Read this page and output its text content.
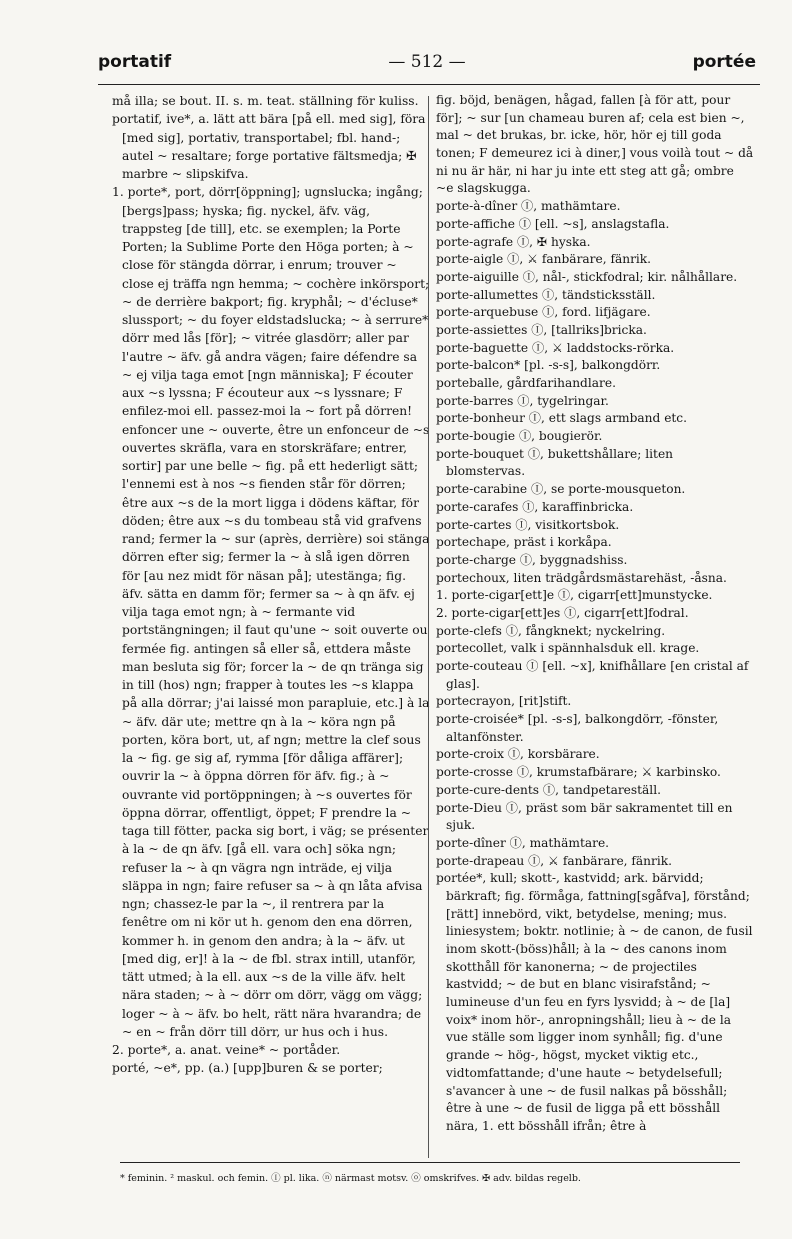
portatif	— 512 —	portée

må illa; se bout. II. s. m. teat. ställning för kuliss.

portatif, ive*, a. lätt att bära [på ell. med sig], föra [med sig], portativ, transportabel; fbl. hand-; autel ~ resaltare; forge portative fältsmedja; ✠ marbre ~ slipskifva.

1. porte*, port, dörr[öppning]; ugnslucka; ingång; [bergs]pass; hyska; fig. nyckel, äfv. väg, trappsteg [de till], etc. se exemplen; la Porte Porten; la Sublime Porte den Höga porten; à ~ close för stängda dörrar, i enrum; trouver ~ close ej träffa ngn hemma; ~ cochère inkörsport; ~ de derrière bakport; fig. kryphål; ~ d'écluse* slussport; ~ du foyer eldstadslucka; ~ à serrure* dörr med lås [för]; ~ vitrée glasdörr; aller par l'autre ~ äfv. gå andra vägen; faire défendre sa ~ ej vilja taga emot [ngn människa]; F écouter aux ~s lyssna; F écouteur aux ~s lyssnare; F enfilez-moi ell. passez-moi la ~ fort på dörren! enfoncer une ~ ouverte, être un enfonceur de ~s ouvertes skräfla, vara en storskräfare; entrer, sortir] par une belle ~ fig. på ett hederligt sätt; l'ennemi est à nos ~s fienden står för dörren; être aux ~s de la mort ligga i dödens käftar, för döden; être aux ~s du tombeau stå vid grafvens rand; fermer la ~ sur (après, derrière) soi stänga dörren efter sig; fermer la ~ à slå igen dörren för [au nez midt för näsan på]; utestänga; fig. äfv. sätta en damm för; fermer sa ~ à qn äfv. ej vilja taga emot ngn; à ~ fermante vid portstängningen; il faut qu'une ~ soit ouverte ou fermée fig. antingen så eller så, ettdera måste man besluta sig för; forcer la ~ de qn tränga sig in till (hos) ngn; frapper à toutes les ~s klappa på alla dörrar; j'ai laissé mon parapluie, etc.] à la ~ äfv. där ute; mettre qn à la ~ köra ngn på porten, köra bort, ut, af ngn; mettre la clef sous la ~ fig. ge sig af, rymma [för dåliga affärer]; ouvrir la ~ à öppna dörren för äfv. fig.; à ~ ouvrante vid portöppningen; à ~s ouvertes för öppna dörrar, offentligt, öppet; F prendre la ~ taga till fötter, packa sig bort, i väg; se présenter à la ~ de qn äfv. [gå ell. vara och] söka ngn; refuser la ~ à qn vägra ngn inträde, ej vilja släppa in ngn; faire refuser sa ~ à qn låta afvisa ngn; chassez-le par la ~, il rentrera par la fenêtre om ni kör ut h. genom den ena dörren, kommer h. in genom den andra; à la ~ äfv. ut [med dig, er]! à la ~ de fbl. strax intill, utanför, tätt utmed; à la ell. aux ~s de la ville äfv. helt nära staden; ~ à ~ dörr om dörr, vägg om vägg; loger ~ à ~ äfv. bo helt, rätt nära hvarandra; de ~ en ~ från dörr till dörr, ur hus och i hus.

2. porte*, a. anat. veine* ~ portåder.

porté, ~e*, pp. (a.) [upp]buren & se porter;

fig. böjd, benägen, hågad, fallen [à för att, pour för]; ~ sur [un chameau buren af; cela est bien ~, mal ~ det brukas, br. icke, hör, hör ej till goda tonen; F demeurez ici à diner,] vous voilà tout ~ då ni nu är här, ni har ju inte ett steg att gå; ombre ~e slagskugga.

porte-à-dîner Ⓘ, mathämtare.

porte-affiche Ⓘ [ell. ~s], anslagstafla.

porte-agrafe Ⓘ, ✠ hyska.

porte-aigle Ⓘ, ⚔ fanbärare, fänrik.

porte-aiguille Ⓘ, nål-, stickfodral; kir. nålhållare.

porte-allumettes Ⓘ, tändsticksställ.

porte-arquebuse Ⓘ, ford. lifjägare.

porte-assiettes Ⓘ, [tallriks]bricka.

porte-baguette Ⓘ, ⚔ laddstocks-rörka.

porte-balcon* [pl. -s-s], balkongdörr.

porteballe, gårdfarihandlare.

porte-barres Ⓘ, tygelringar.

porte-bonheur Ⓘ, ett slags armband etc.

porte-bougie Ⓘ, bougierör.

porte-bouquet Ⓘ, bukettshållare; liten blomstervas.

porte-carabine Ⓘ, se porte-mousqueton.

porte-carafes Ⓘ, karaffinbricka.

porte-cartes Ⓘ, visitkortsbok.

portechape, präst i korkåpa.

porte-charge Ⓘ, byggnadshiss.

portechoux, liten trädgårdsmästarehäst, -åsna.

1. porte-cigar[ett]e Ⓘ, cigarr[ett]munstycke.

2. porte-cigar[ett]es Ⓘ, cigarr[ett]fodral.

porte-clefs Ⓘ, fångknekt; nyckelring.

portecollet, valk i spännhalsduk ell. krage.

porte-couteau Ⓘ [ell. ~x], knifhållare [en cristal af glas].

portecrayon, [rit]stift.

porte-croisée* [pl. -s-s], balkongdörr, -fönster, altanfönster.

porte-croix Ⓘ, korsbärare.

porte-crosse Ⓘ, krumstafbärare; ⚔ karbinsko.

porte-cure-dents Ⓘ, tandpetareställ.

porte-Dieu Ⓘ, präst som bär sakramentet till en sjuk.

porte-dîner Ⓘ, mathämtare.

porte-drapeau Ⓘ, ⚔ fanbärare, fänrik.

portée*, kull; skott-, kastvidd; ark. bärvidd; bärkraft; fig. förmåga, fattning[sgåfva], förstånd; [rätt] innebörd, vikt, betydelse, mening; mus. liniesystem; boktr. notlinie; à ~ de canon, de fusil inom skott-(böss)håll; à la ~ des canons inom skotthåll för kanonerna; ~ de projectiles kastvidd; ~ de but en blanc visirafstånd; ~ lumineuse d'un feu en fyrs lysvidd; à ~ de [la] voix* inom hör-, anropningshåll; lieu à ~ de la vue ställe som ligger inom synhåll; fig. d'une grande ~ hög-, högst, mycket viktig etc., vidtomfattande; d'une haute ~ betydelsefull; s'avancer à une ~ de fusil nalkas på bösshåll; être à une ~ de fusil de ligga på ett bösshåll nära, 1. ett bösshåll ifrån; être à

* feminin. ² maskul. och femin. Ⓘ pl. lika. ⓝ närmast motsv. ⓞ omskrifves. ✠ adv. bildas regelb.
